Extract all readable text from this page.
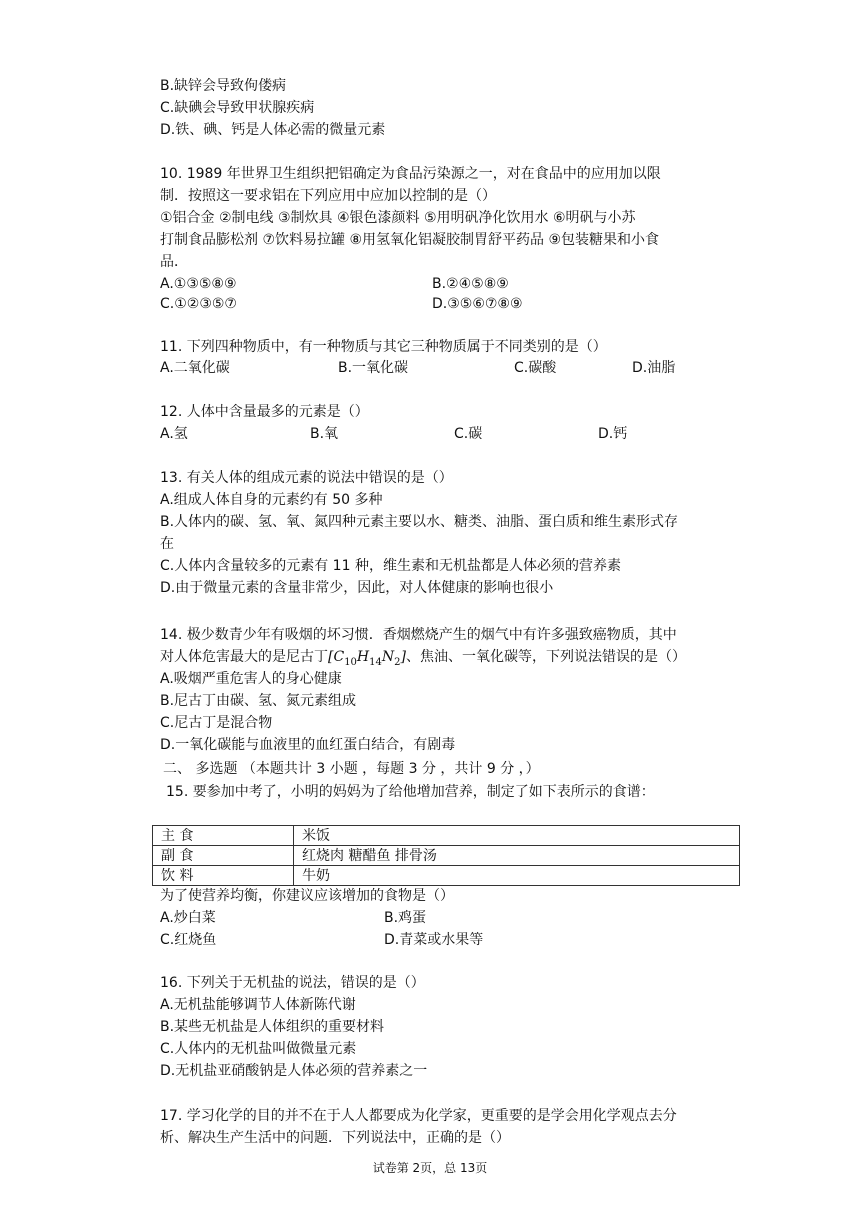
B.缺锌会导致佝偻病
C.缺碘会导致甲状腺疾病
D.铁、碘、钙是人体必需的微量元素
10. 1989 年世界卫生组织把铝确定为食品污染源之一，对在食品中的应用加以限
制．按照这一要求铝在下列应用中应加以控制的是（）
①铝合金 ②制电线 ③制炊具 ④银色漆颜料 ⑤用明矾净化饮用水 ⑥明矾与小苏
打制食品膨松剂 ⑦饮料易拉罐 ⑧用氢氧化铝凝胶制胃舒平药品 ⑨包装糖果和小食
品．
A.①③⑤⑧⑨	B.②④⑤⑧⑨
C.①②③⑤⑦	D.③⑤⑥⑦⑧⑨
11. 下列四种物质中，有一种物质与其它三种物质属于不同类别的是（）
A.二氧化碳	B.一氧化碳	C.碳酸	D.油脂
12. 人体中含量最多的元素是（）
A.氢	B.氧	C.碳	D.钙
13. 有关人体的组成元素的说法中错误的是（）
A.组成人体自身的元素约有 50 多种
B.人体内的碳、氢、氧、氮四种元素主要以水、糖类、油脂、蛋白质和维生素形式存
在
C.人体内含量较多的元素有 11 种，维生素和无机盐都是人体必须的营养素
D.由于微量元素的含量非常少，因此，对人体健康的影响也很小
14. 极少数青少年有吸烟的坏习惯．香烟燃烧产生的烟气中有许多强致癌物质，其中
对人体危害最大的是尼古丁$[C_{10}H_{14}N_2]$、焦油、一氧化碳等，下列说法错误的是（）
A.吸烟严重危害人的身心健康
B.尼古丁由碳、氢、氮元素组成
C.尼古丁是混合物
D.一氧化碳能与血液里的血红蛋白结合，有剧毒
二、 多选题 （本题共计 3 小题 ，每题 3 分 ，共计 9 分 ，）
15. 要参加中考了，小明的妈妈为了给他增加营养，制定了如下表所示的食谱：
主 食	米饭
副 食	红烧肉 糖醋鱼 排骨汤
饮 料	牛奶
为了使营养均衡，你建议应该增加的食物是（）
A.炒白菜	B.鸡蛋
C.红烧鱼	D.青菜或水果等
16. 下列关于无机盐的说法，错误的是（）
A.无机盐能够调节人体新陈代谢
B.某些无机盐是人体组织的重要材料
C.人体内的无机盐叫做微量元素
D.无机盐亚硝酸钠是人体必须的营养素之一
17. 学习化学的目的并不在于人人都要成为化学家，更重要的是学会用化学观点去分
析、解决生产生活中的问题．下列说法中，正确的是（）
试卷第 2页，总 13页
